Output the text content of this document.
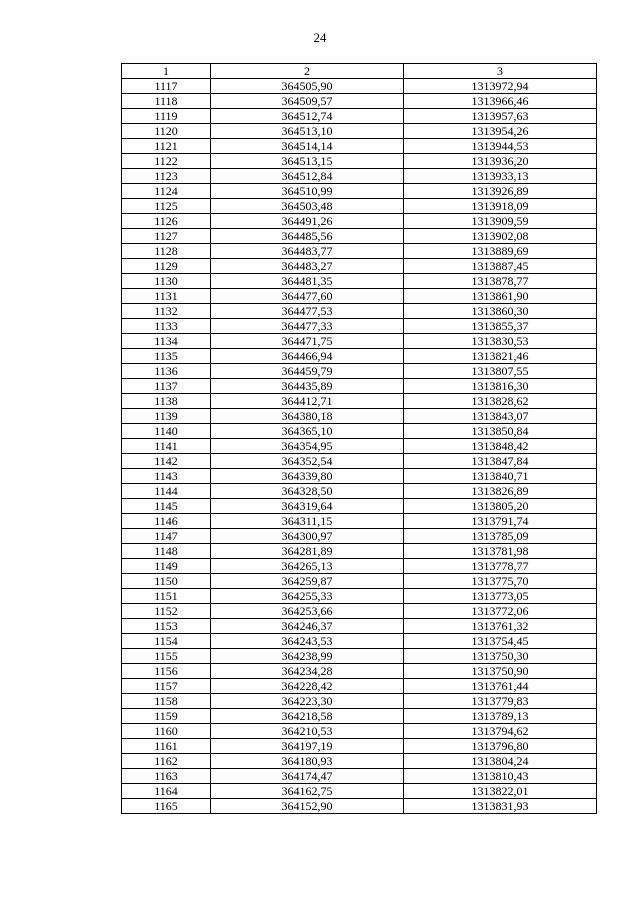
24
1	2	3
1117	364505,90	1313972,94
1118	364509,57	1313966,46
1119	364512,74	1313957,63
1120	364513,10	1313954,26
1121	364514,14	1313944,53
1122	364513,15	1313936,20
1123	364512,84	1313933,13
1124	364510,99	1313926,89
1125	364503,48	1313918,09
1126	364491,26	1313909,59
1127	364485,56	1313902,08
1128	364483,77	1313889,69
1129	364483,27	1313887,45
1130	364481,35	1313878,77
1131	364477,60	1313861,90
1132	364477,53	1313860,30
1133	364477,33	1313855,37
1134	364471,75	1313830,53
1135	364466,94	1313821,46
1136	364459,79	1313807,55
1137	364435,89	1313816,30
1138	364412,71	1313828,62
1139	364380,18	1313843,07
1140	364365,10	1313850,84
1141	364354,95	1313848,42
1142	364352,54	1313847,84
1143	364339,80	1313840,71
1144	364328,50	1313826,89
1145	364319,64	1313805,20
1146	364311,15	1313791,74
1147	364300,97	1313785,09
1148	364281,89	1313781,98
1149	364265,13	1313778,77
1150	364259,87	1313775,70
1151	364255,33	1313773,05
1152	364253,66	1313772,06
1153	364246,37	1313761,32
1154	364243,53	1313754,45
1155	364238,99	1313750,30
1156	364234,28	1313750,90
1157	364228,42	1313761,44
1158	364223,30	1313779,83
1159	364218,58	1313789,13
1160	364210,53	1313794,62
1161	364197,19	1313796,80
1162	364180,93	1313804,24
1163	364174,47	1313810,43
1164	364162,75	1313822,01
1165	364152,90	1313831,93
